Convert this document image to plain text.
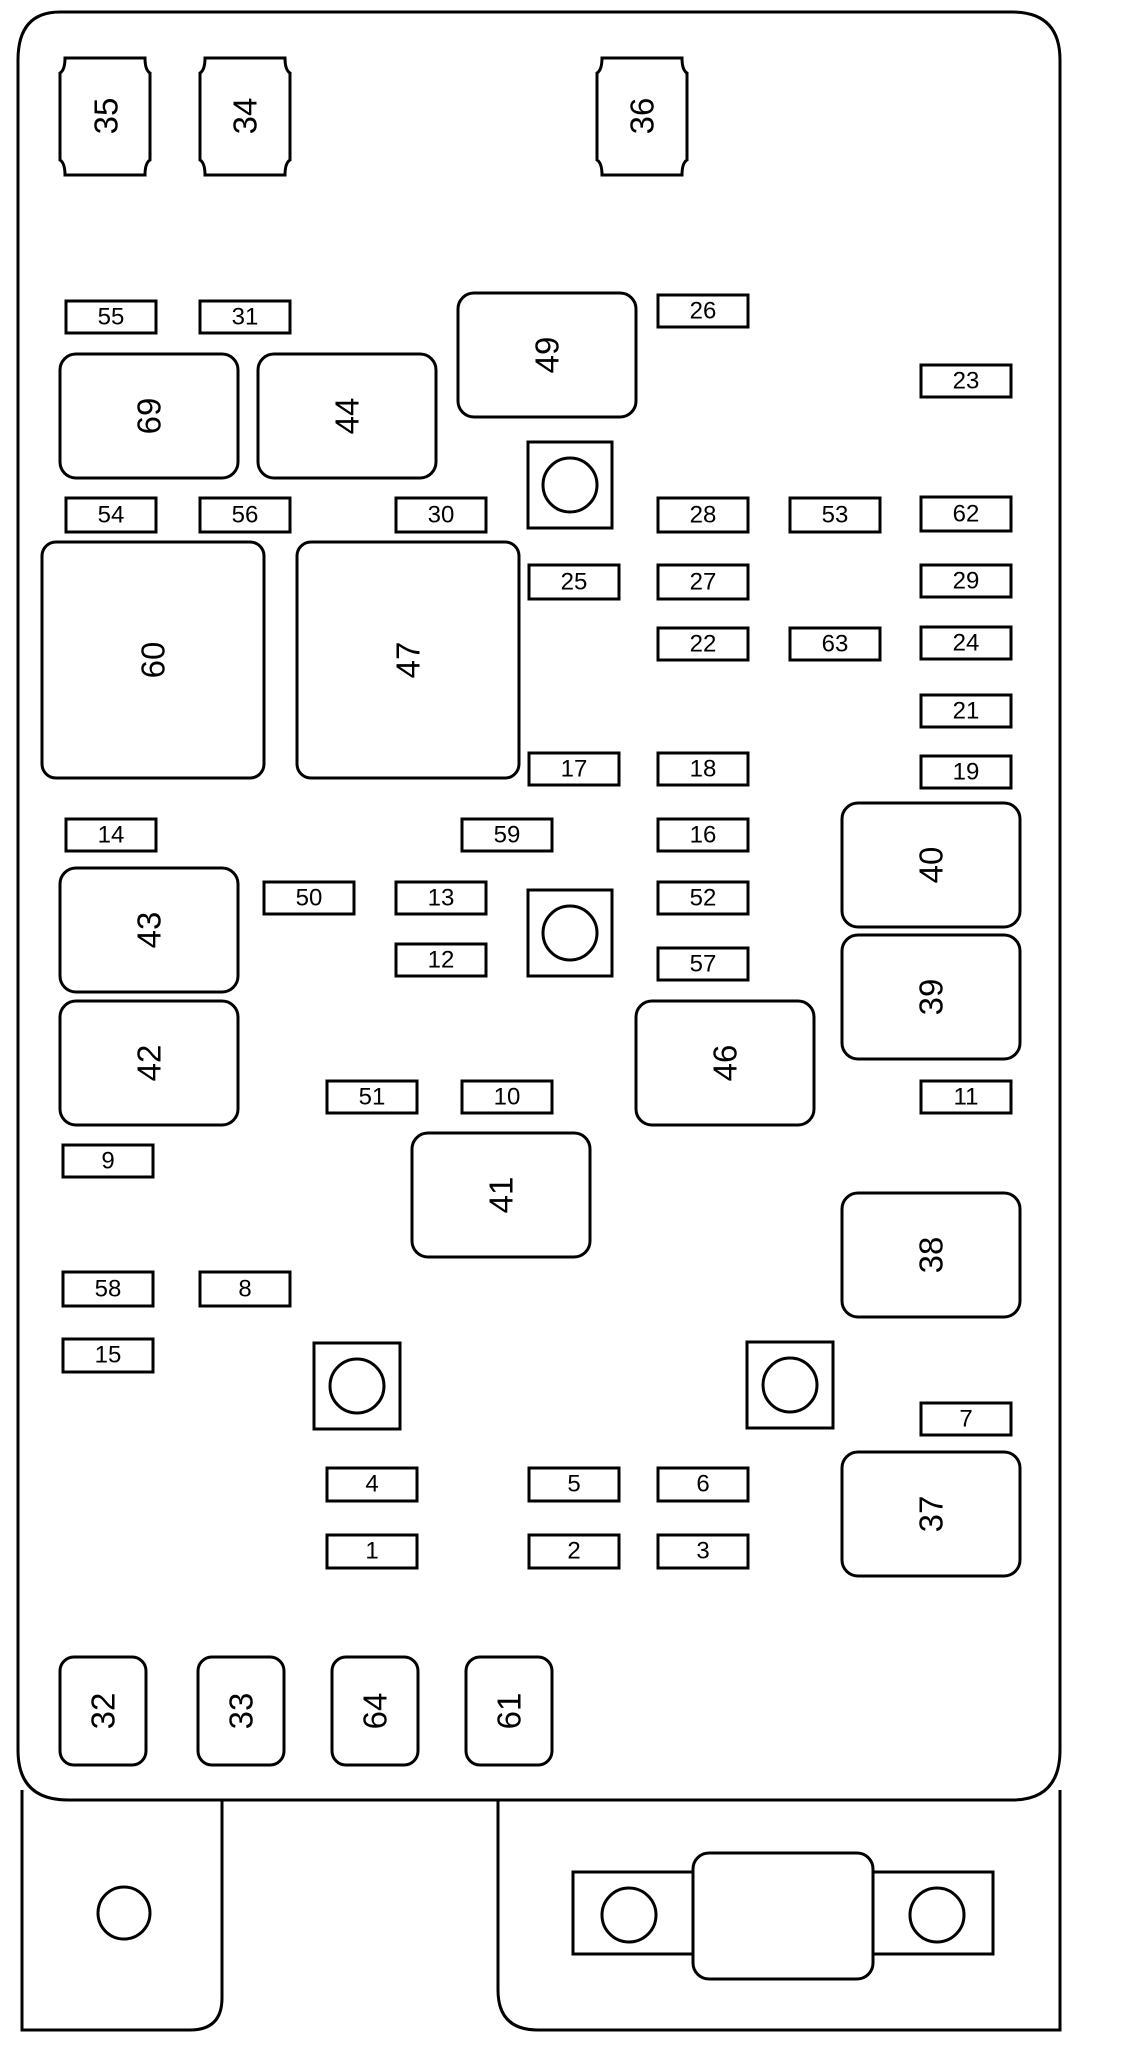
35	34	36
55	31	26
23
54	56	30	28	53	62
25	27	29
22	63	24
21
17	18	19
14	59	16
50	13	52
12	57
51	10	11
9
58	8
15
7
4	5	6
1	2	3
49
69	44
60	47
40
43
39
42	46
41
38
37
32	33	64	61
